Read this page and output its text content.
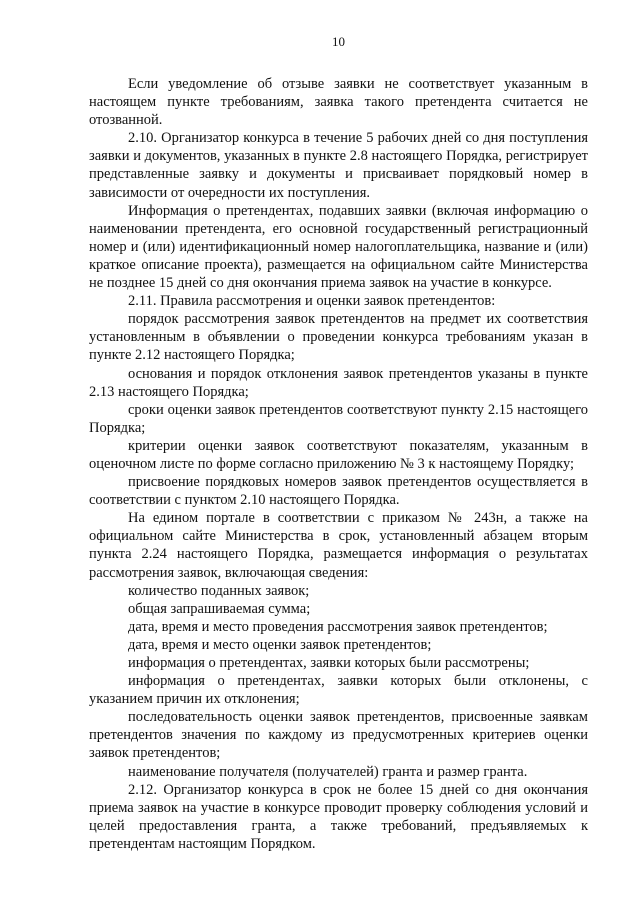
10

Если уведомление об отзыве заявки не соответствует указанным в настоящем пункте требованиям, заявка такого претендента считается не отозванной.

2.10. Организатор конкурса в течение 5 рабочих дней со дня поступления заявки и документов, указанных в пункте 2.8 настоящего Порядка, регистрирует представленные заявку и документы и присваивает порядковый номер в зависимости от очередности их поступления.

Информация о претендентах, подавших заявки (включая информацию о наименовании претендента, его основной государственный регистрационный номер и (или) идентификационный номер налогоплательщика, название и (или) краткое описание проекта), размещается на официальном сайте Министерства не позднее 15 дней со дня окончания приема заявок на участие в конкурсе.

2.11. Правила рассмотрения и оценки заявок претендентов:

порядок рассмотрения заявок претендентов на предмет их соответствия установленным в объявлении о проведении конкурса требованиям указан в пункте 2.12 настоящего Порядка;

основания и порядок отклонения заявок претендентов указаны в пункте 2.13 настоящего Порядка;

сроки оценки заявок претендентов соответствуют пункту 2.15 настоящего Порядка;

критерии оценки заявок соответствуют показателям, указанным в оценочном листе по форме согласно приложению № 3 к настоящему Порядку;

присвоение порядковых номеров заявок претендентов осуществляется в соответствии с пунктом 2.10 настоящего Порядка.

На едином портале в соответствии с приказом № 243н, а также на официальном сайте Министерства в срок, установленный абзацем вторым пункта 2.24 настоящего Порядка, размещается информация о результатах рассмотрения заявок, включающая сведения:

количество поданных заявок;

общая запрашиваемая сумма;

дата, время и место проведения рассмотрения заявок претендентов;

дата, время и место оценки заявок претендентов;

информация о претендентах, заявки которых были рассмотрены;

информация о претендентах, заявки которых были отклонены, с указанием причин их отклонения;

последовательность оценки заявок претендентов, присвоенные заявкам претендентов значения по каждому из предусмотренных критериев оценки заявок претендентов;

наименование получателя (получателей) гранта и размер гранта.

2.12. Организатор конкурса в срок не более 15 дней со дня окончания приема заявок на участие в конкурсе проводит проверку соблюдения условий и целей предоставления гранта, а также требований, предъявляемых к претендентам настоящим Порядком.
